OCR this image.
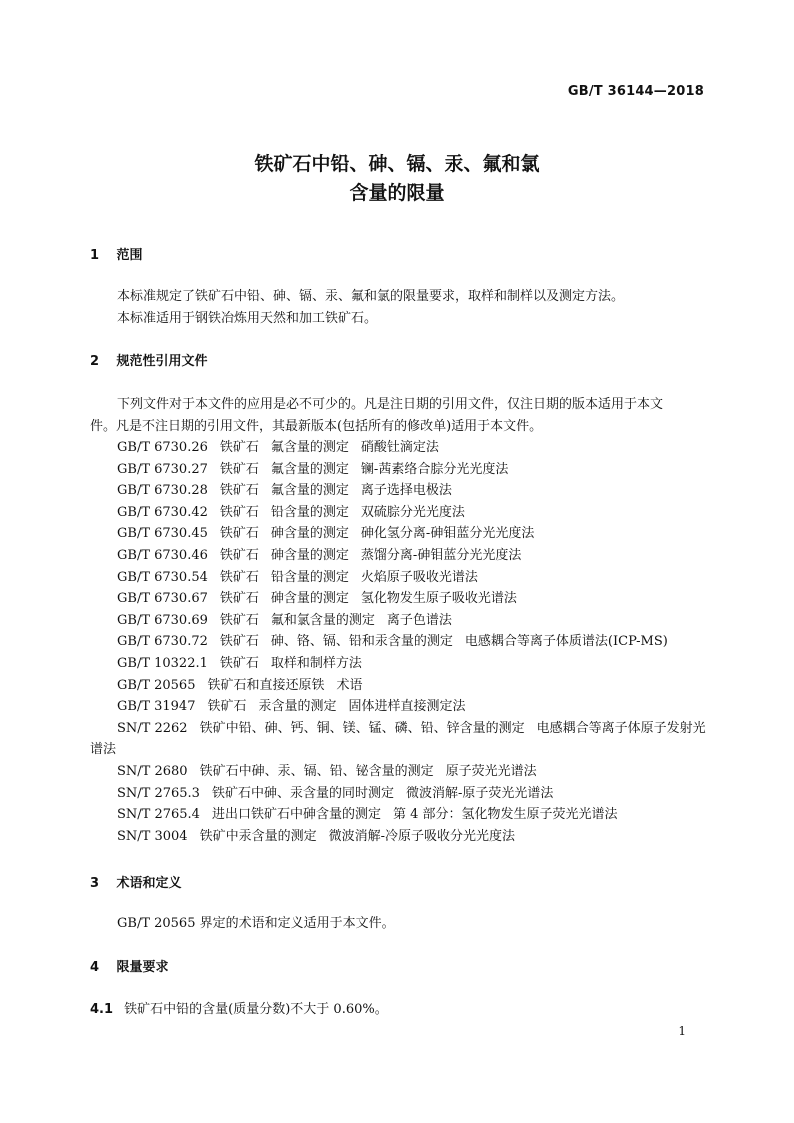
GB/T 36144—2018
铁矿石中铅、砷、镉、汞、氟和氯
含量的限量
1 范围
本标准规定了铁矿石中铅、砷、镉、汞、氟和氯的限量要求，取样和制样以及测定方法。
本标准适用于钢铁冶炼用天然和加工铁矿石。
2 规范性引用文件
下列文件对于本文件的应用是必不可少的。凡是注日期的引用文件，仅注日期的版本适用于本文
件。凡是不注日期的引用文件，其最新版本(包括所有的修改单)适用于本文件。
GB/T 6730.26 铁矿石 氟含量的测定 硝酸钍滴定法
GB/T 6730.27 铁矿石 氟含量的测定 镧-茜素络合腙分光光度法
GB/T 6730.28 铁矿石 氟含量的测定 离子选择电极法
GB/T 6730.42 铁矿石 铅含量的测定 双硫腙分光光度法
GB/T 6730.45 铁矿石 砷含量的测定 砷化氢分离-砷钼蓝分光光度法
GB/T 6730.46 铁矿石 砷含量的测定 蒸馏分离-砷钼蓝分光光度法
GB/T 6730.54 铁矿石 铅含量的测定 火焰原子吸收光谱法
GB/T 6730.67 铁矿石 砷含量的测定 氢化物发生原子吸收光谱法
GB/T 6730.69 铁矿石 氟和氯含量的测定 离子色谱法
GB/T 6730.72 铁矿石 砷、铬、镉、铅和汞含量的测定 电感耦合等离子体质谱法(ICP-MS)
GB/T 10322.1 铁矿石 取样和制样方法
GB/T 20565 铁矿石和直接还原铁 术语
GB/T 31947 铁矿石 汞含量的测定 固体进样直接测定法
SN/T 2262 铁矿中铅、砷、钙、铜、镁、锰、磷、铅、锌含量的测定 电感耦合等离子体原子发射光谱法
SN/T 2680 铁矿石中砷、汞、镉、铅、铋含量的测定 原子荧光光谱法
SN/T 2765.3 铁矿石中砷、汞含量的同时测定 微波消解-原子荧光光谱法
SN/T 2765.4 进出口铁矿石中砷含量的测定 第 4 部分：氢化物发生原子荧光光谱法
SN/T 3004 铁矿中汞含量的测定 微波消解-冷原子吸收分光光度法
3 术语和定义
GB/T 20565 界定的术语和定义适用于本文件。
4 限量要求
4.1 铁矿石中铅的含量(质量分数)不大于 0.60%。
1
